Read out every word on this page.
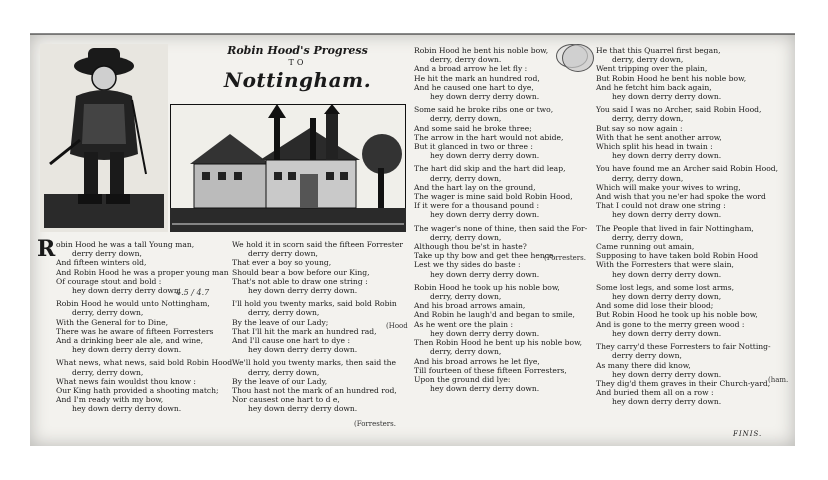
Robin Hood's Progress
TO
Nottingham.
R obin Hood he was a tall Young man,
derry derry down,
And fifteen winters old,
And Robin Hood he was a proper young man
Of courage stout and bold :
hey down derry derry down.
Robin Hood he would unto Nottingham,
derry, derry down,
With the General for to Dine,
There was he aware of fifteen Forresters
And a drinking beer ale ale, and wine,
hey down derry derry down.
What news, what news, said bold Robin Hood
derry, derry down,
What news fain wouldst thou know :
Our King hath provided a shooting match;
And I'm ready with my bow,
hey down derry derry down.
We hold it in scorn said the fifteen Forrester
derry derry down,
That ever a boy so young,
Should bear a bow before our King,
That's not able to draw one string :
hey down derry derry down.
I'll hold you twenty marks, said bold Robin
derry, derry down,
By the leave of our Lady;
That I'll hit the mark an hundred rad,
And I'll cause one hart to dye :
hey down derry derry down.
We'll hold you twenty marks, then said the
derry, derry down,
By the leave of our Lady,
Thou hast not the mark of an hundred rod,
Nor causest one hart to d e,
hey down derry derry down.
Robin Hood he bent his noble bow,
derry, derry down.
And a broad arrow he let fly :
He hit the mark an hundred rod,
And he caused one hart to dye,
hey down derry derry down.
Some said he broke ribs one or two,
derry, derry down,
And some said he broke three;
The arrow in the hart would not abide,
But it glanced in two or three :
hey down derry derry down.
The hart did skip and the hart did leap,
derry, derry down,
And the hart lay on the ground,
The wager is mine said bold Robin Hood,
If it were for a thousand pound :
hey down derry derry down.
The wager's none of thine, then said the For-
derry, derry down,
Although thou be'st in haste?
Take up thy bow and get thee hence,
Lest we thy sides do baste :
hey down derry derry down.
Robin Hood he took up his noble bow,
derry, derry down,
And his broad arrows amain,
And Robin he laugh'd and began to smile,
As he went ore the plain :
hey down derry derry down.
Then Robin Hood he bent up his noble bow,
derry, derry down,
And his broad arrows he let flye,
Till fourteen of these fifteen Forresters,
Upon the ground did lye:
hey down derry derry down.
He that this Quarrel first began,
derry, derry down,
Went tripping over the plain,
But Robin Hood he bent his noble bow,
And he fetcht him back again,
hey down derry derry down.
You said I was no Archer, said Robin Hood,
derry, derry down,
But say so now again :
With that he sent another arrow,
Which split his head in twain :
hey down derry derry down.
You have found me an Archer said Robin Hood,
derry, derry down,
Which will make your wives to wring,
And wish that you ne'er had spoke the word
That I could not draw one string :
hey down derry derry down.
The People that lived in fair Nottingham,
derry, derry down,
Came running out amain,
Supposing to have taken bold Robin Hood
With the Forresters that were slain,
hey down derry derry down.
Some lost legs, and some lost arms,
hey down derry derry down,
And some did lose their blood;
But Robin Hood he took up his noble bow,
And is gone to the merry green wood :
hey down derry derry down.
They carry'd these Forresters to fair Notting-
derry derry down,
As many there did know,
hey down derry derry down.
They dig'd them graves in their Church-yard,
And buried them all on a row :
hey down derry derry down.
(Hood
(Forresters.
(Forresters.
(ham.
4.5 / 4.7
FINIS.
